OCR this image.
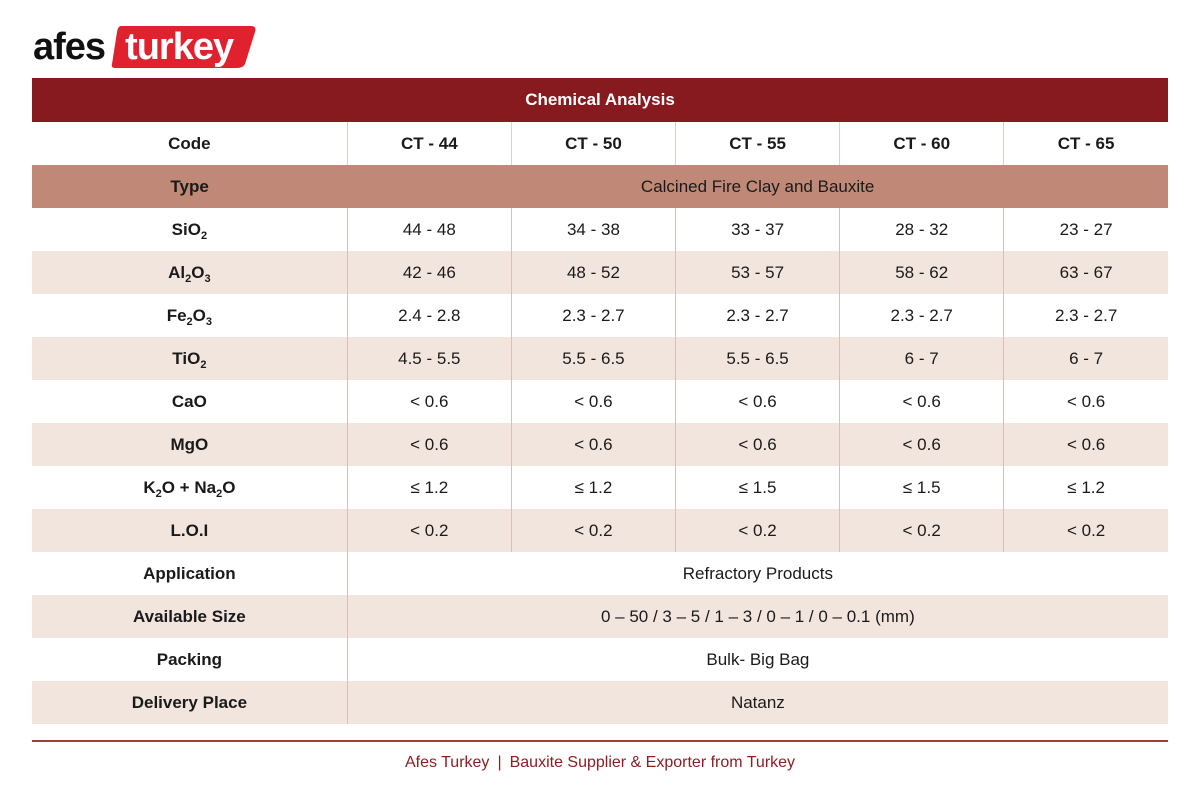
afes turkey
Chemical Analysis					
Code	CT - 44	CT - 50	CT - 55	CT - 60	CT - 65
Type	Calcined Fire Clay and Bauxite				
SiO$_2$	44 - 48	34 - 38	33 - 37	28 - 32	23 - 27
$Al_2O_3$	42 - 46	48 - 52	53 - 57	58 - 62	63 - 67
$Fe_2O_3$	2.4 - 2.8	2.3 - 2.7	2.3 - 2.7	2.3 - 2.7	2.3 - 2.7
TiO$_2$	4.5 - 5.5	5.5 - 6.5	5.5 - 6.5	6 - 7	6 - 7
CaO	< 0.6	< 0.6	< 0.6	< 0.6	< 0.6
MgO	< 0.6	< 0.6	< 0.6	< 0.6	< 0.6
$K_2O + Na_2O$	≤ 1.2	≤ 1.2	≤ 1.5	≤ 1.5	≤ 1.2
L.O.I	< 0.2	< 0.2	< 0.2	< 0.2	< 0.2
Application	Refractory Products				
Available Size	0 – 50 / 3 – 5 / 1 – 3 / 0 – 1 / 0 – 0.1 (mm)				
Packing	Bulk- Big Bag				
Delivery Place	Natanz				
Afes Turkey | Bauxite Supplier & Exporter from Turkey
